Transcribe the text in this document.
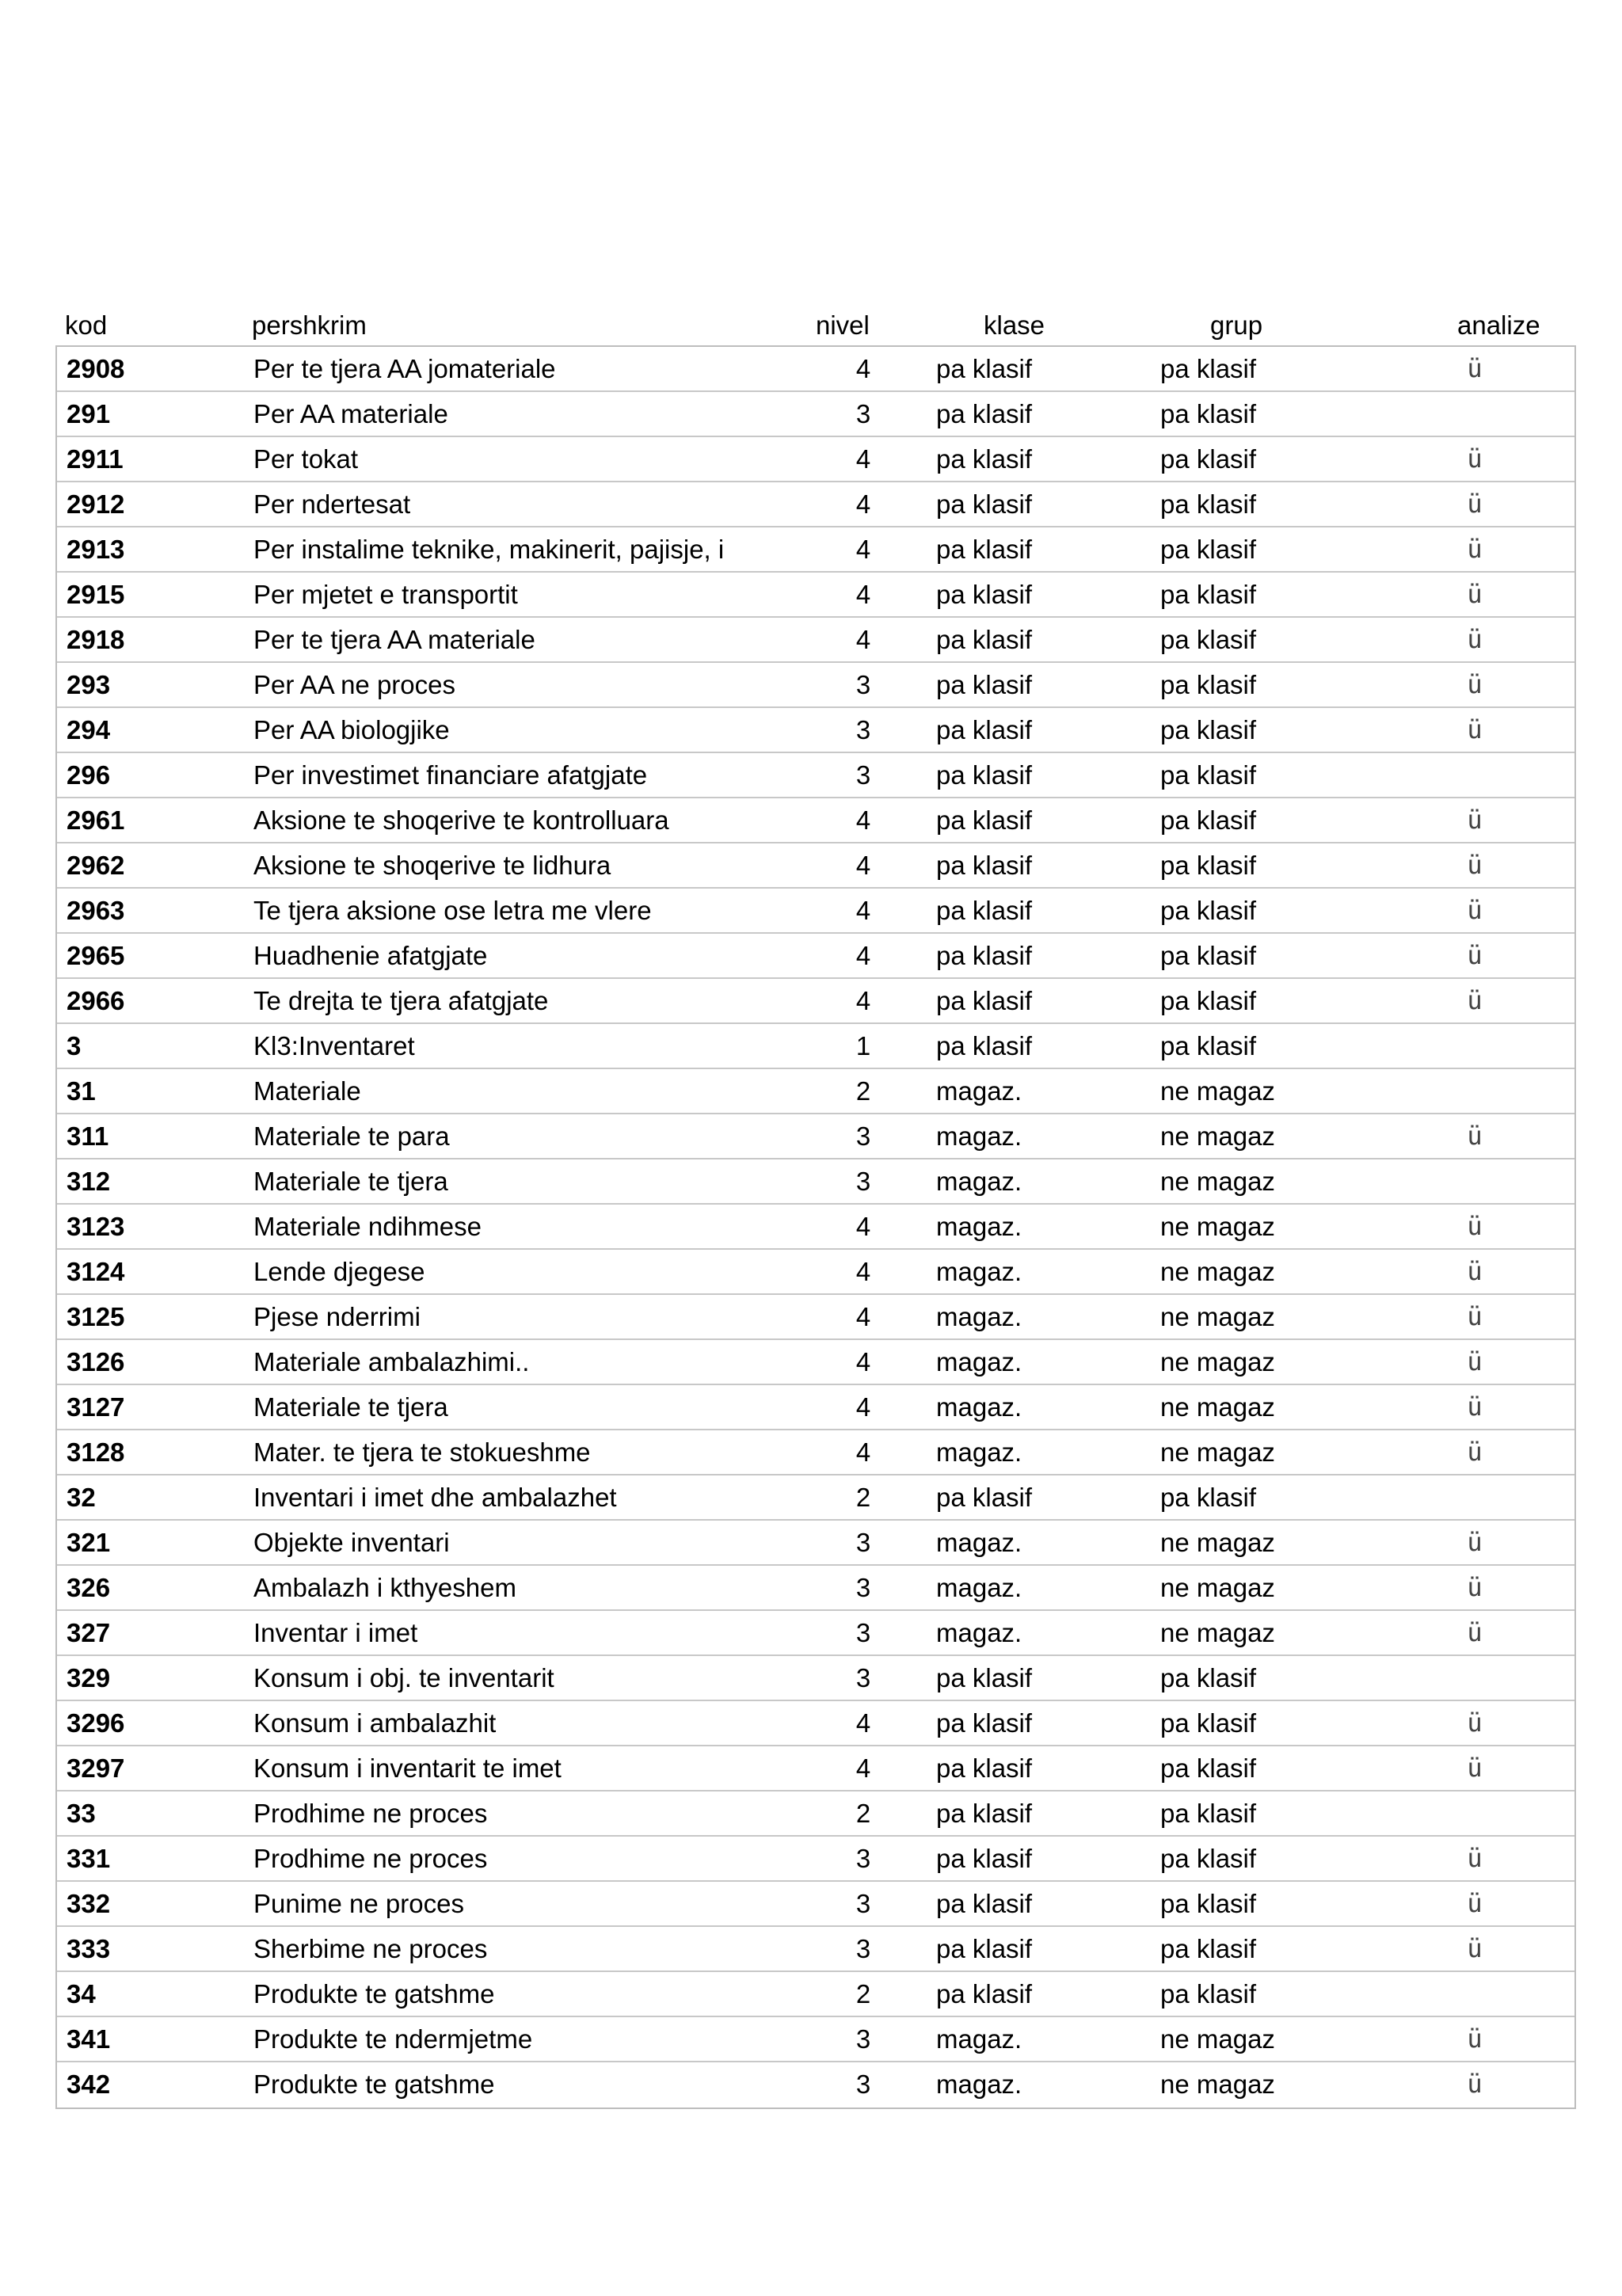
kod	pershkrim	nivel	klase	grup	analize
2908	Per te tjera AA jomateriale	4	pa klasif	pa klasif	ü
291	Per AA materiale	3	pa klasif	pa klasif
2911	Per tokat	4	pa klasif	pa klasif	ü
2912	Per ndertesat	4	pa klasif	pa klasif	ü
2913	Per instalime teknike, makinerit, pajisje, i	4	pa klasif	pa klasif	ü
2915	Per mjetet e transportit	4	pa klasif	pa klasif	ü
2918	Per te tjera AA materiale	4	pa klasif	pa klasif	ü
293	Per AA ne proces	3	pa klasif	pa klasif	ü
294	Per AA biologjike	3	pa klasif	pa klasif	ü
296	Per investimet financiare afatgjate	3	pa klasif	pa klasif
2961	Aksione te shoqerive te kontrolluara	4	pa klasif	pa klasif	ü
2962	Aksione te shoqerive te lidhura	4	pa klasif	pa klasif	ü
2963	Te tjera aksione ose letra me vlere	4	pa klasif	pa klasif	ü
2965	Huadhenie afatgjate	4	pa klasif	pa klasif	ü
2966	Te drejta te tjera afatgjate	4	pa klasif	pa klasif	ü
3	Kl3:Inventaret	1	pa klasif	pa klasif
31	Materiale	2	magaz.	ne magaz
311	Materiale te para	3	magaz.	ne magaz	ü
312	Materiale te tjera	3	magaz.	ne magaz
3123	Materiale ndihmese	4	magaz.	ne magaz	ü
3124	Lende djegese	4	magaz.	ne magaz	ü
3125	Pjese nderrimi	4	magaz.	ne magaz	ü
3126	Materiale ambalazhimi..	4	magaz.	ne magaz	ü
3127	Materiale te tjera	4	magaz.	ne magaz	ü
3128	Mater. te tjera te stokueshme	4	magaz.	ne magaz	ü
32	Inventari i imet dhe ambalazhet	2	pa klasif	pa klasif
321	Objekte inventari	3	magaz.	ne magaz	ü
326	Ambalazh i kthyeshem	3	magaz.	ne magaz	ü
327	Inventar i imet	3	magaz.	ne magaz	ü
329	Konsum i obj. te inventarit	3	pa klasif	pa klasif
3296	Konsum i ambalazhit	4	pa klasif	pa klasif	ü
3297	Konsum i inventarit te imet	4	pa klasif	pa klasif	ü
33	Prodhime ne proces	2	pa klasif	pa klasif
331	Prodhime ne proces	3	pa klasif	pa klasif	ü
332	Punime ne proces	3	pa klasif	pa klasif	ü
333	Sherbime ne proces	3	pa klasif	pa klasif	ü
34	Produkte te gatshme	2	pa klasif	pa klasif
341	Produkte te ndermjetme	3	magaz.	ne magaz	ü
342	Produkte te gatshme	3	magaz.	ne magaz	ü
